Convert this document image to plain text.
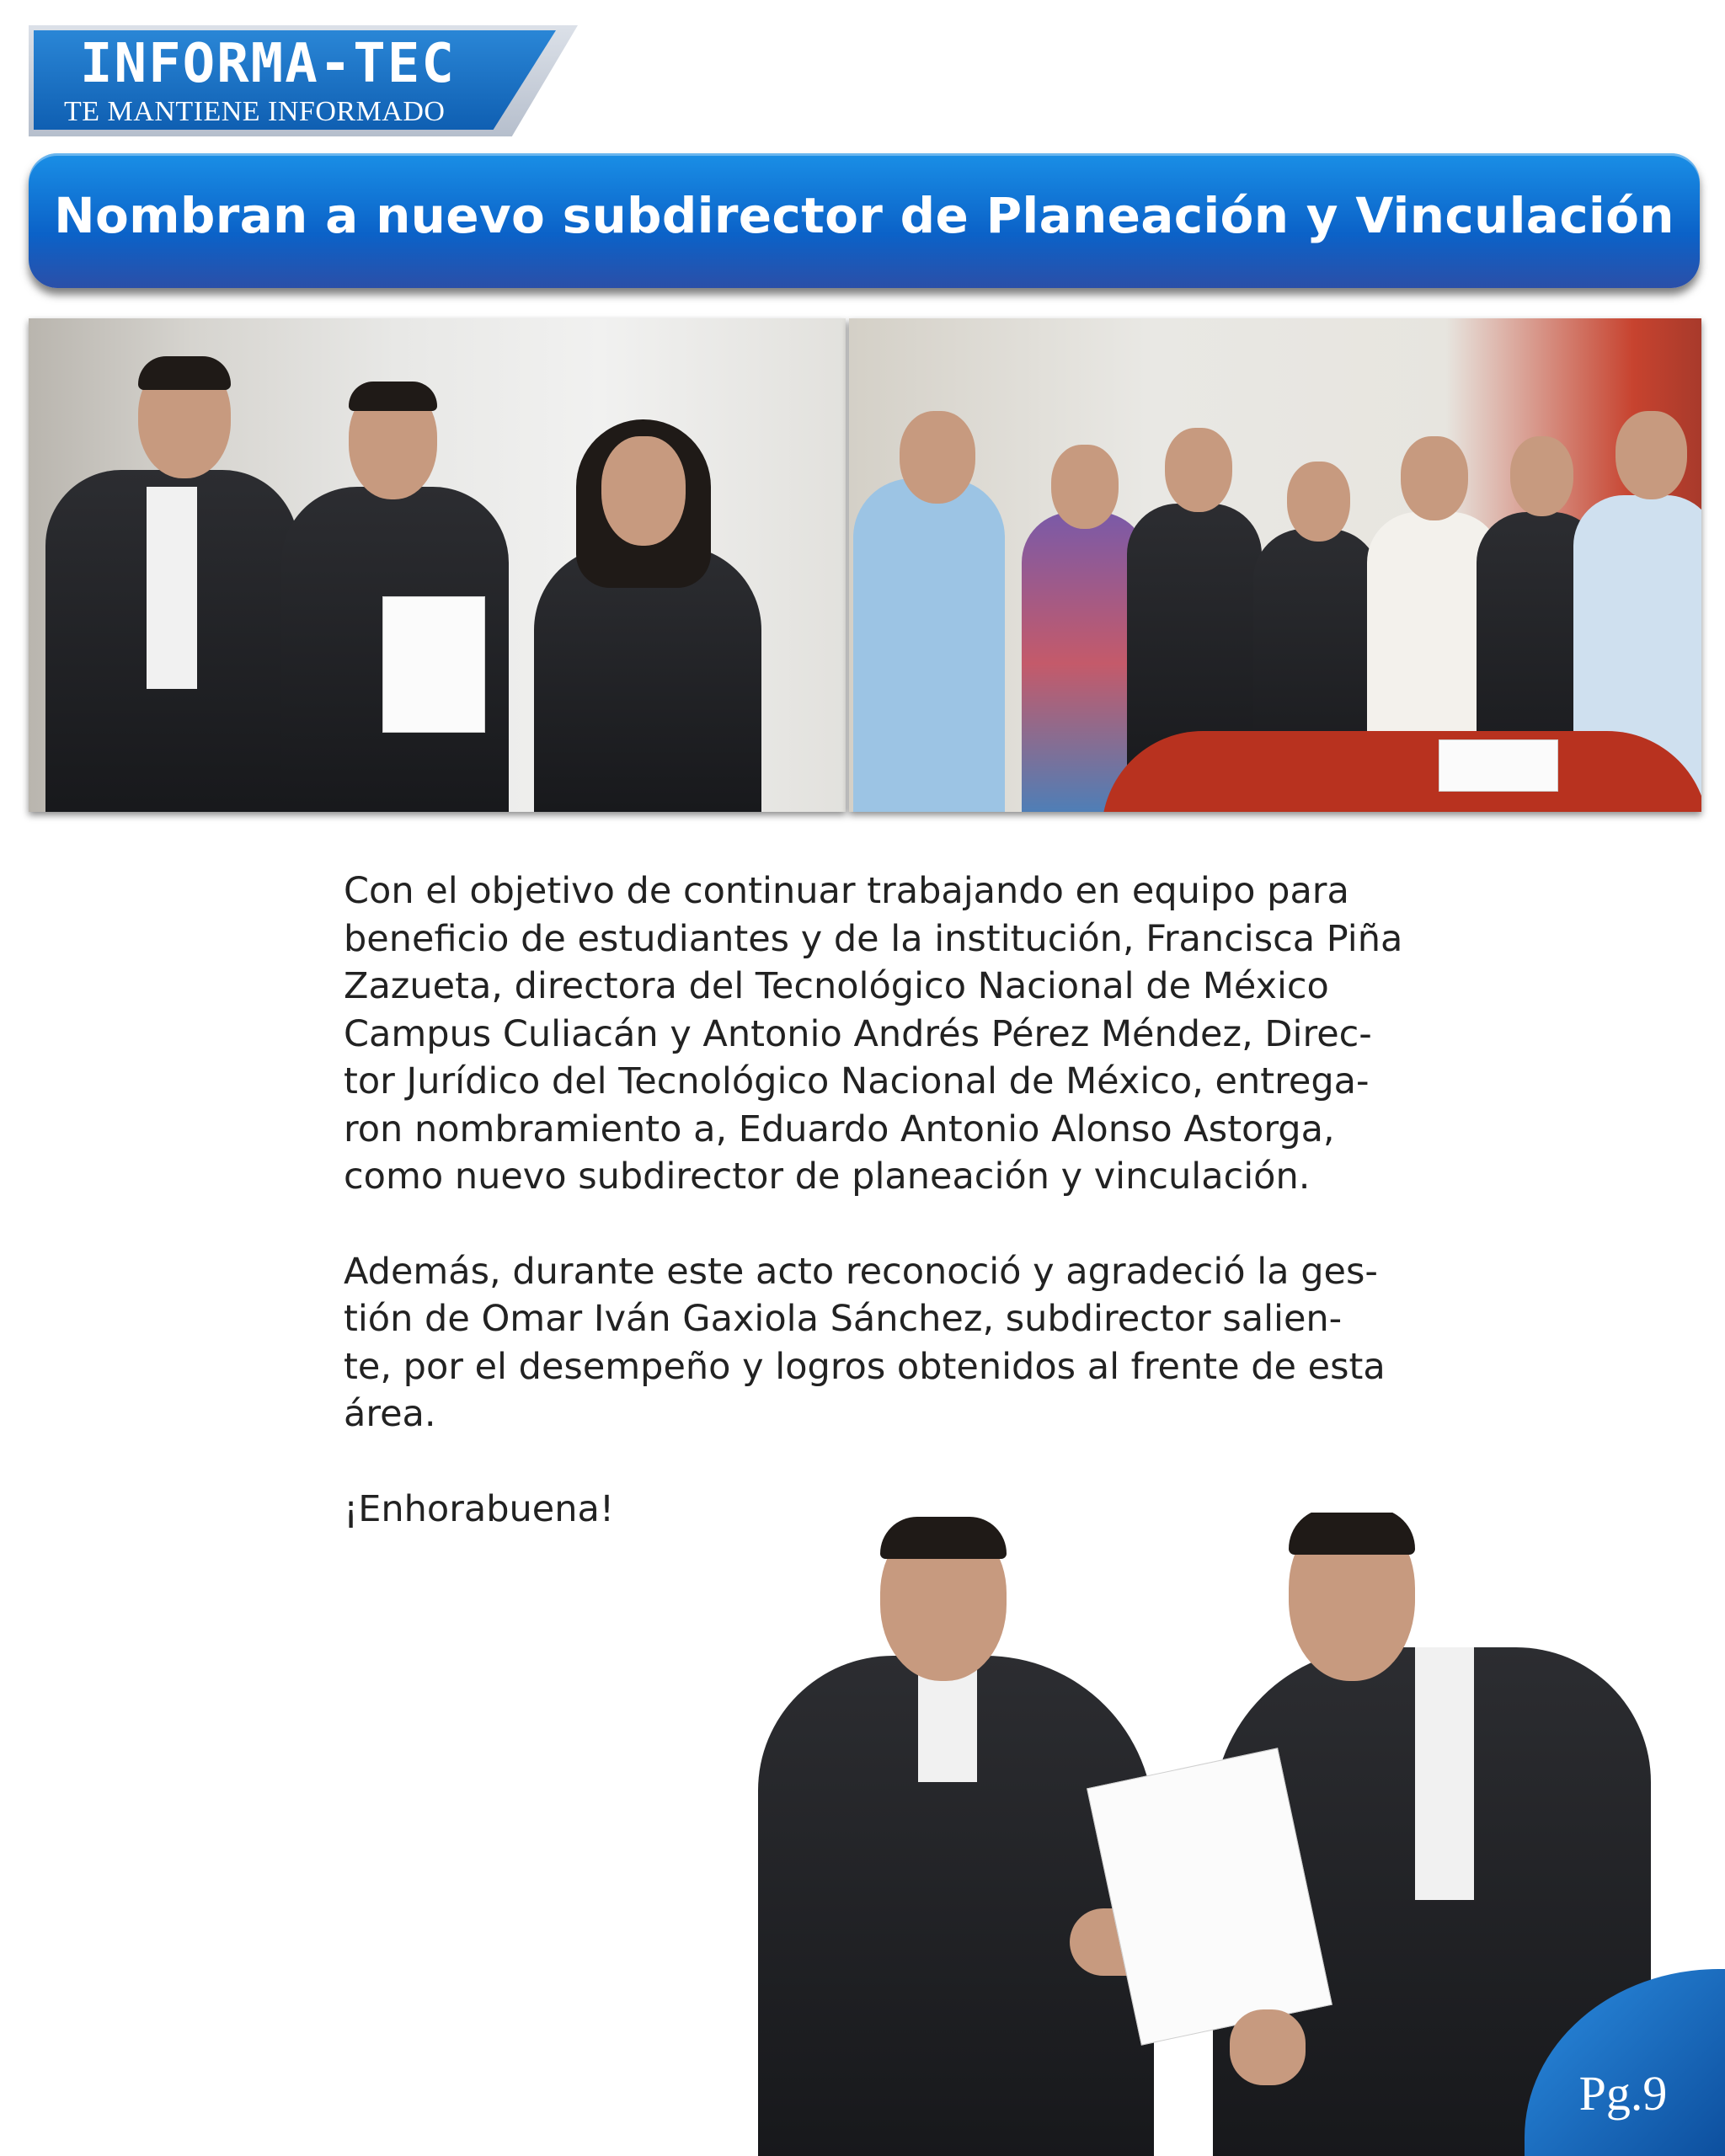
INFORMA-TEC
TE MANTIENE INFORMADO
Nombran a nuevo subdirector de Planeación y Vinculación

Con el objetivo de continuar trabajando en equipo para
beneficio de estudiantes y de la institución, Francisca Piña
Zazueta, directora del Tecnológico Nacional de México
Campus Culiacán y Antonio Andrés Pérez Méndez, Direc-
tor Jurídico del Tecnológico Nacional de México, entrega-
ron nombramiento a, Eduardo Antonio Alonso Astorga,
como nuevo subdirector de planeación y vinculación.

Además, durante este acto reconoció y agradeció la ges-
tión de Omar Iván Gaxiola Sánchez, subdirector salien-
te, por el desempeño y logros obtenidos al frente de esta
área.

¡Enhorabuena!

Pg.9
